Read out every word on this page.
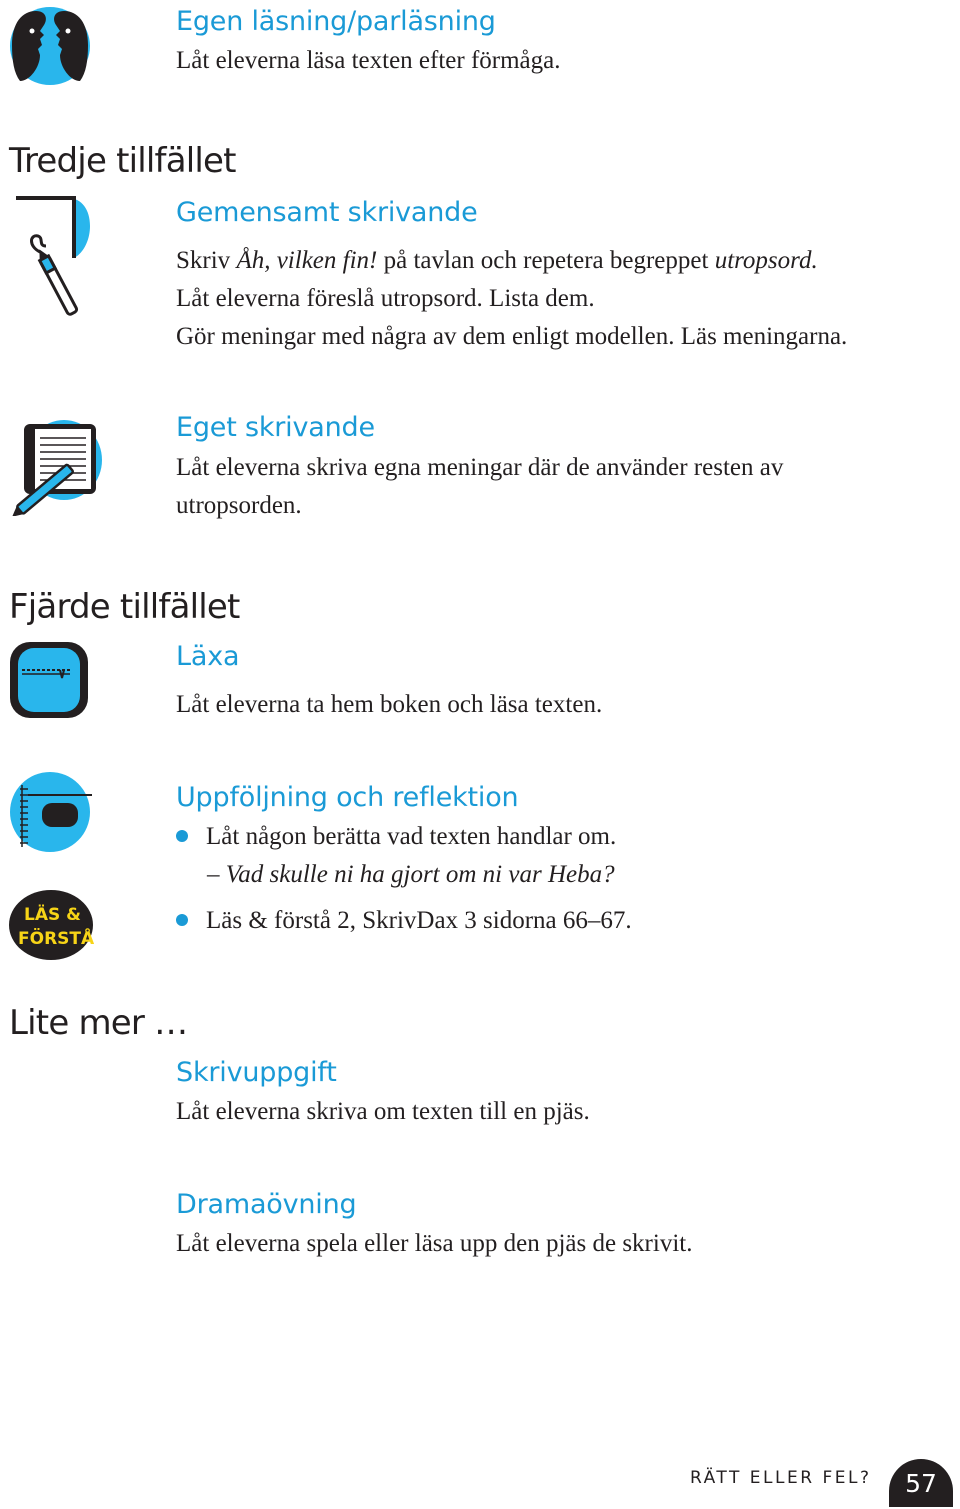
Egen läsning/parläsning
Låt eleverna läsa texten efter förmåga.
Tredje tillfället
Gemensamt skrivande

Skriv Åh, vilken fin! på tavlan och repetera begreppet utropsord.

Låt eleverna föreslå utropsord. Lista dem.

Gör meningar med några av dem enligt modellen. Läs meningarna.

Eget skrivande

Låt eleverna skriva egna meningar där de använder resten av

utropsorden.

Fjärde tillfället
Läxa
Låt eleverna ta hem boken och läsa texten.
Uppföljning och reflektion
Låt någon berätta vad texten handlar om.
– Vad skulle ni ha gjort om ni var Heba?
Läs & förstå 2, SkrivDax 3 sidorna 66–67.
LÄS &
FÖRSTÅ
Lite mer …
Skrivuppgift
Låt eleverna skriva om texten till en pjäs.
Dramaövning
Låt eleverna spela eller läsa upp den pjäs de skrivit.
RÄTT ELLER FEL?	57
